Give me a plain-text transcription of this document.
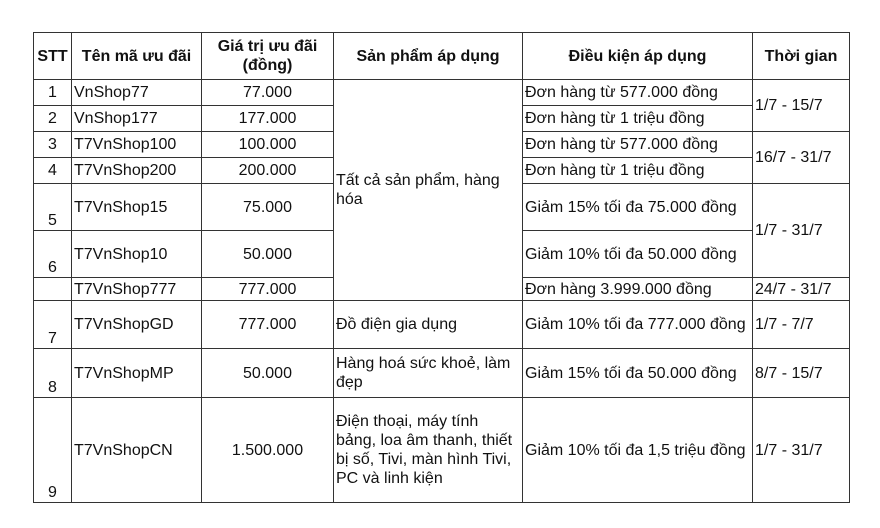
STT	Tên mã ưu đãi	Giá trị ưu đãi (đồng)	Sản phẩm áp dụng	Điều kiện áp dụng	Thời gian
1	VnShop77	77.000	Tất cả sản phẩm, hàng hóa	Đơn hàng từ 577.000 đồng	1/7 - 15/7
2	VnShop177	177.000		Đơn hàng từ 1 triệu đồng	
3	T7VnShop100	100.000		Đơn hàng từ 577.000 đồng	16/7 - 31/7
4	T7VnShop200	200.000		Đơn hàng từ 1 triệu đồng	
5	T7VnShop15	75.000		Giảm 15% tối đa 75.000 đồng	1/7 - 31/7
6	T7VnShop10	50.000		Giảm 10% tối đa 50.000 đồng	
	T7VnShop777	777.000		Đơn hàng 3.999.000 đồng	24/7 - 31/7
7	T7VnShopGD	777.000	Đồ điện gia dụng	Giảm 10% tối đa 777.000 đồng	1/7 - 7/7
8	T7VnShopMP	50.000	Hàng hoá sức khoẻ, làm đẹp	Giảm 15% tối đa 50.000 đồng	8/7 - 15/7
9	T7VnShopCN	1.500.000	Điện thoại, máy tính bảng, loa âm thanh, thiết bị số, Tivi, màn hình Tivi, PC và linh kiện	Giảm 10% tối đa 1,5 triệu đồng	1/7 - 31/7
